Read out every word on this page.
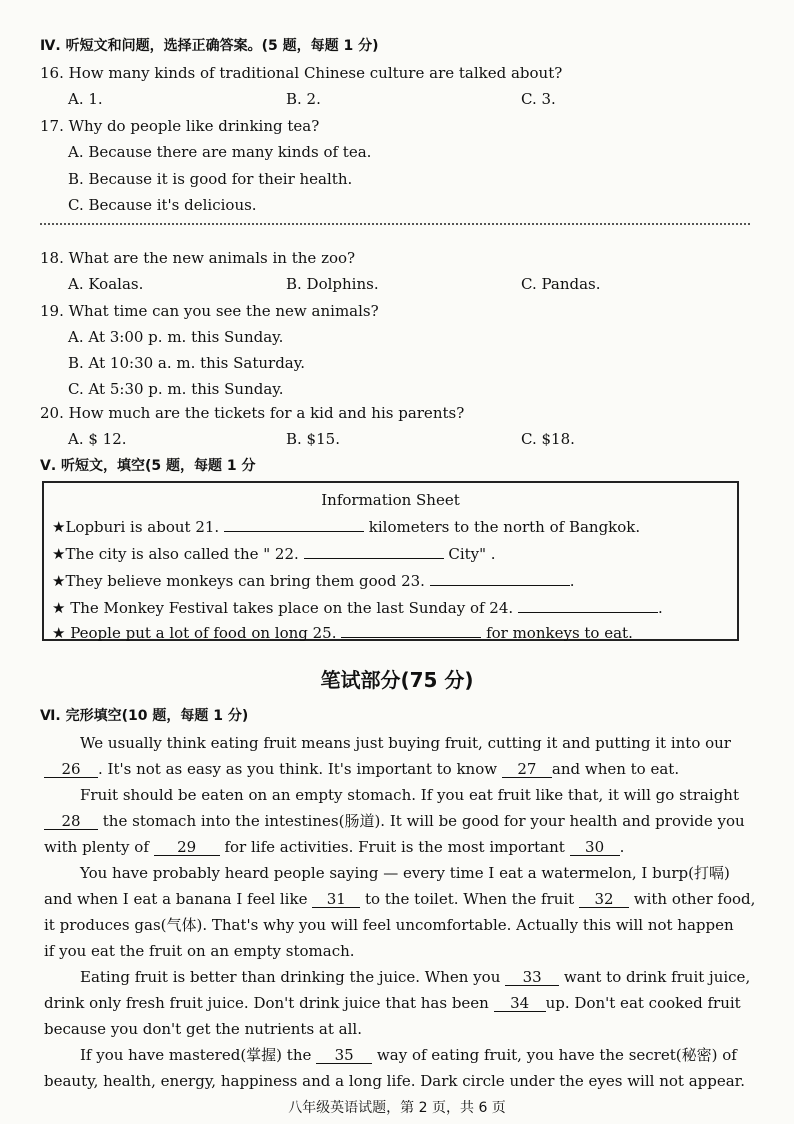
Ⅳ. 听短文和问题，选择正确答案。(5 题，每题 1 分)
16. How many kinds of traditional Chinese culture are talked about?
A. 1.	B. 2.	C. 3.
17. Why do people like drinking tea?
A. Because there are many kinds of tea.
B. Because it is good for their health.
C. Because it's delicious.
18. What are the new animals in the zoo?
A. Koalas.	B. Dolphins.	C. Pandas.
19. What time can you see the new animals?
A. At 3:00 p. m. this Sunday.
B. At 10:30 a. m. this Saturday.
C. At 5:30 p. m. this Sunday.
20. How much are the tickets for a kid and his parents?
A. $ 12.	B. $15.	C. $18.
Ⅴ. 听短文，填空(5 题，每题 1 分
Information Sheet
★Lopburi is about 21.	kilometers to the north of Bangkok.
★The city is also called the " 22.	City" .
★They believe monkeys can bring them good 23.	.
★ The Monkey Festival takes place on the last Sunday of 24.	.
★ People put a lot of food on long 25.	for monkeys to eat.
笔试部分(75 分)
Ⅵ. 完形填空(10 题，每题 1 分)
We usually think eating fruit means just buying fruit, cutting it and putting it into our
26 . It's not as easy as you think. It's important to know 27 and when to eat.
Fruit should be eaten on an empty stomach. If you eat fruit like that, it will go straight
28 the stomach into the intestines(肠道). It will be good for your health and provide you
with plenty of 29 for life activities. Fruit is the most important 30 .
You have probably heard people saying — every time I eat a watermelon, I burp(打嗝)
and when I eat a banana I feel like 31 to the toilet. When the fruit 32 with other food,
it produces gas(气体). That's why you will feel uncomfortable. Actually this will not happen
if you eat the fruit on an empty stomach.
Eating fruit is better than drinking the juice. When you 33 want to drink fruit juice,
drink only fresh fruit juice. Don't drink juice that has been 34 up. Don't eat cooked fruit
because you don't get the nutrients at all.
If you have mastered(掌握) the 35 way of eating fruit, you have the secret(秘密) of
beauty, health, energy, happiness and a long life. Dark circle under the eyes will not appear.
八年级英语试题，第 2 页，共 6 页
